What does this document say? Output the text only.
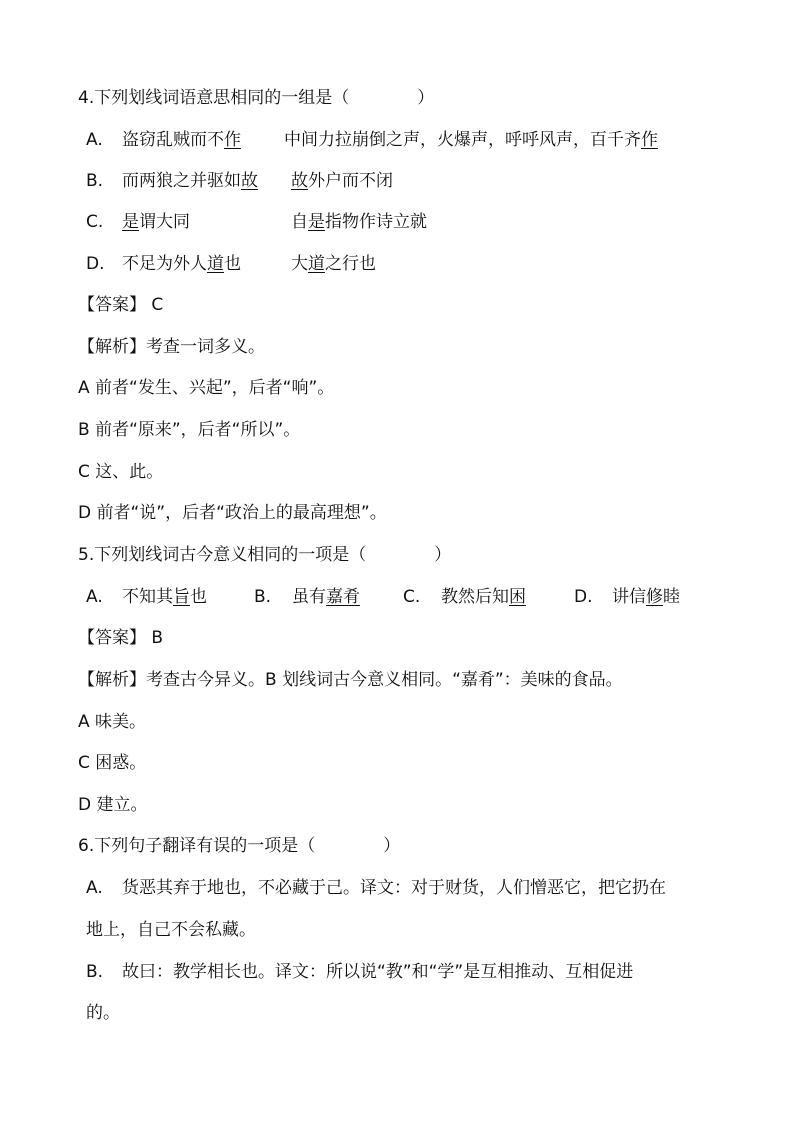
4.下列划线词语意思相同的一组是（　　　　）
A. 盗窃乱贼而不作	中间力拉崩倒之声，火爆声，呼呼风声，百千齐作
B. 而两狼之并驱如故 故外户而不闭
C. 是谓大同	自是指物作诗立就
D. 不足为外人道也	大道之行也
【答案】 C
【解析】考查一词多义。
A 前者“发生、兴起”，后者“响”。
B 前者“原来”，后者“所以”。
C 这、此。
D 前者“说”，后者“政治上的最高理想”。
5.下列划线词古今意义相同的一项是（　　　　）
A. 不知其旨也	B. 虽有嘉肴	C. 教然后知困	D. 讲信修睦
【答案】 B
【解析】考查古今异义。B 划线词古今意义相同。“嘉肴”：美味的食品。
A 味美。
C 困惑。
D 建立。
6.下列句子翻译有误的一项是（　　　　）
A. 货恶其弃于地也，不必藏于己。译文：对于财货，人们憎恶它，把它扔在
地上，自己不会私藏。
B. 故曰：教学相长也。译文：所以说“教”和“学”是互相推动、互相促进
的。
